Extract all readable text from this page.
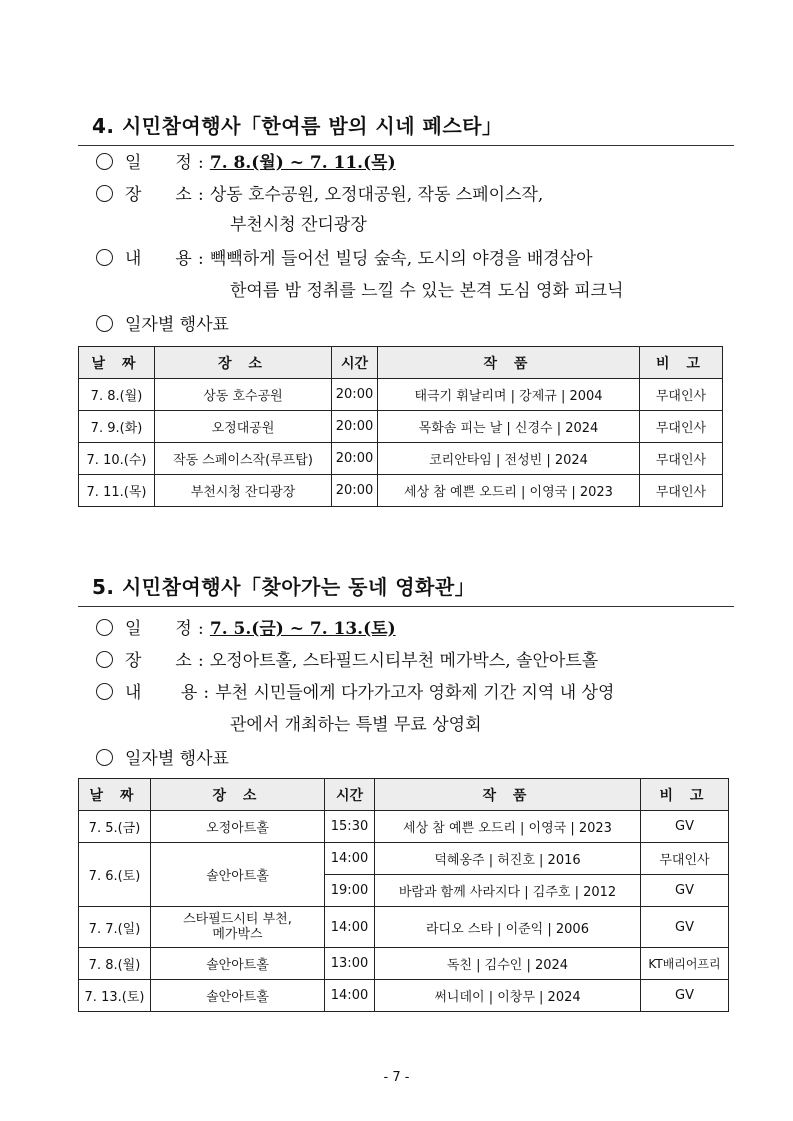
4. 시민참여행사「한여름 밤의 시네 페스타」
일　　정 : 7. 8.(월) ~ 7. 11.(목)
장　　소 : 상동 호수공원, 오정대공원, 작동 스페이스작,
부천시청 잔디광장
내　　용 : 빽빽하게 들어선 빌딩 숲속, 도시의 야경을 배경삼아
한여름 밤 정취를 느낄 수 있는 본격 도심 영화 피크닉
일자별 행사표
날 짜	장 소	시간	작 품	비 고
7. 8.(월)	상동 호수공원	20:00	태극기 휘날리며 | 강제규 | 2004	무대인사
7. 9.(화)	오정대공원	20:00	목화솜 피는 날 | 신경수 | 2024	무대인사
7. 10.(수)	작동 스페이스작(루프탑)	20:00	코리안타임 | 전성빈 | 2024	무대인사
7. 11.(목)	부천시청 잔디광장	20:00	세상 참 예쁜 오드리 | 이영국 | 2023	무대인사
5. 시민참여행사「찾아가는 동네 영화관」
일　　정 : 7. 5.(금) ~ 7. 13.(토)
장　　소 : 오정아트홀, 스타필드시티부천 메가박스, 솔안아트홀
내　　 용 : 부천 시민들에게 다가가고자 영화제 기간 지역 내 상영
관에서 개최하는 특별 무료 상영회
일자별 행사표
날 짜	장 소	시간	작 품	비 고
7. 5.(금)	오정아트홀	15:30	세상 참 예쁜 오드리 | 이영국 | 2023	GV
7. 6.(토)	솔안아트홀	14:00	덕혜옹주 | 허진호 | 2016	무대인사
		19:00	바람과 함께 사라지다 | 김주호 | 2012	GV
7. 7.(일)	스타필드시티 부천,
메가박스	14:00	라디오 스타 | 이준익 | 2006	GV
7. 8.(월)	솔안아트홀	13:00	독친 | 김수인 | 2024	KT배리어프리
7. 13.(토)	솔안아트홀	14:00	써니데이 | 이창무 | 2024	GV
- 7 -
